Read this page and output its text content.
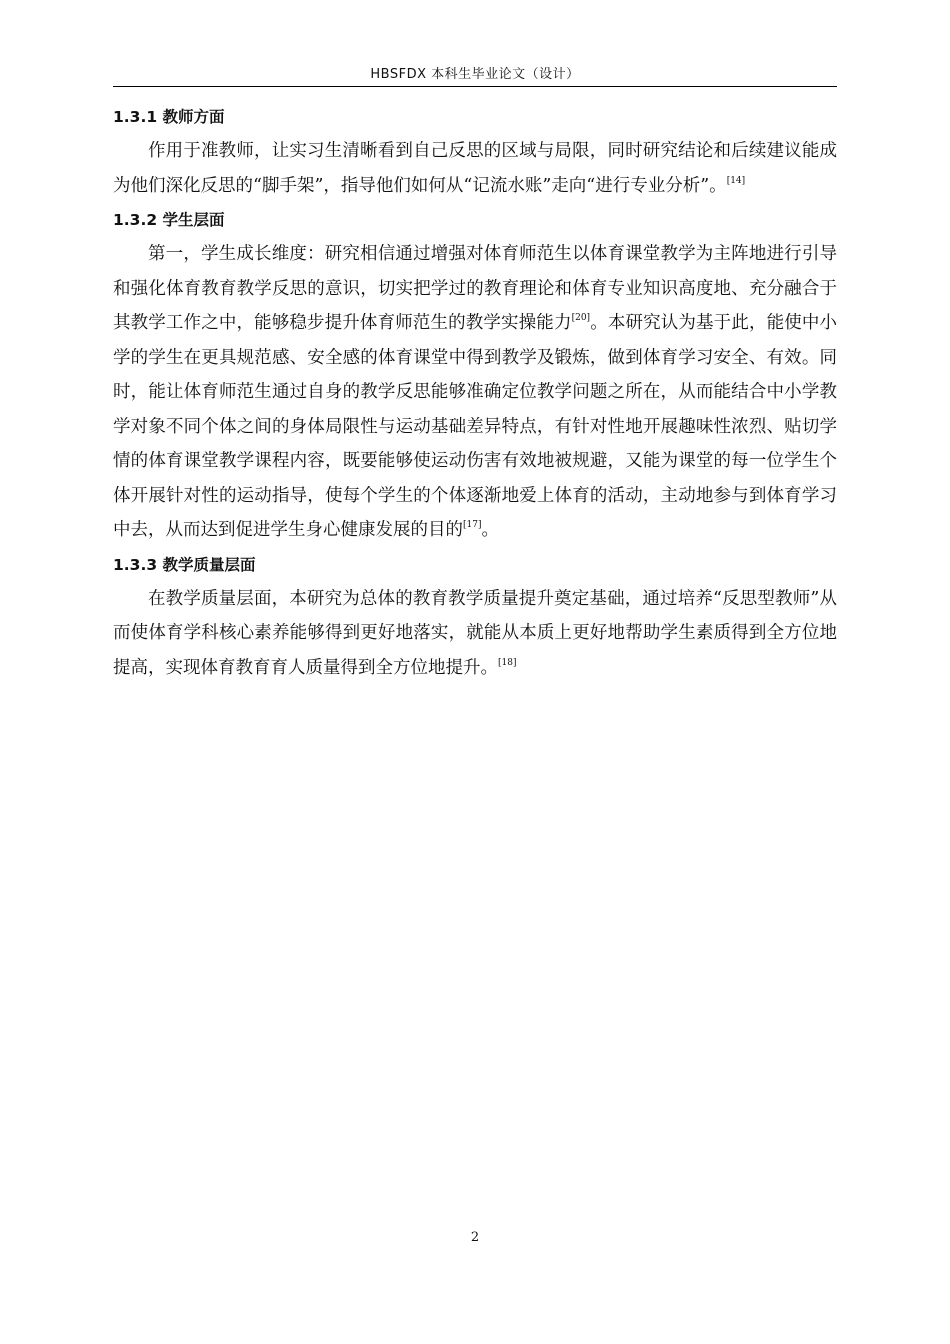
HBSFDX 本科生毕业论文（设计）
1.3.1 教师方面

作用于准教师，让实习生清晰看到自己反思的区域与局限，同时研究结论和后续建议能成为他们深化反思的“脚手架”，指导他们如何从“记流水账”走向“进行专业分析”。[14]

1.3.2 学生层面

第一，学生成长维度：研究相信通过增强对体育师范生以体育课堂教学为主阵地进行引导和强化体育教育教学反思的意识，切实把学过的教育理论和体育专业知识高度地、充分融合于其教学工作之中，能够稳步提升体育师范生的教学实操能力[20]。本研究认为基于此，能使中小学的学生在更具规范感、安全感的体育课堂中得到教学及锻炼，做到体育学习安全、有效。同时，能让体育师范生通过自身的教学反思能够准确定位教学问题之所在，从而能结合中小学教学对象不同个体之间的身体局限性与运动基础差异特点，有针对性地开展趣味性浓烈、贴切学情的体育课堂教学课程内容，既要能够使运动伤害有效地被规避，又能为课堂的每一位学生个体开展针对性的运动指导，使每个学生的个体逐渐地爱上体育的活动，主动地参与到体育学习中去，从而达到促进学生身心健康发展的目的[17]。

1.3.3 教学质量层面

在教学质量层面，本研究为总体的教育教学质量提升奠定基础，通过培养“反思型教师”从而使体育学科核心素养能够得到更好地落实，就能从本质上更好地帮助学生素质得到全方位地提高，实现体育教育育人质量得到全方位地提升。[18]

2
